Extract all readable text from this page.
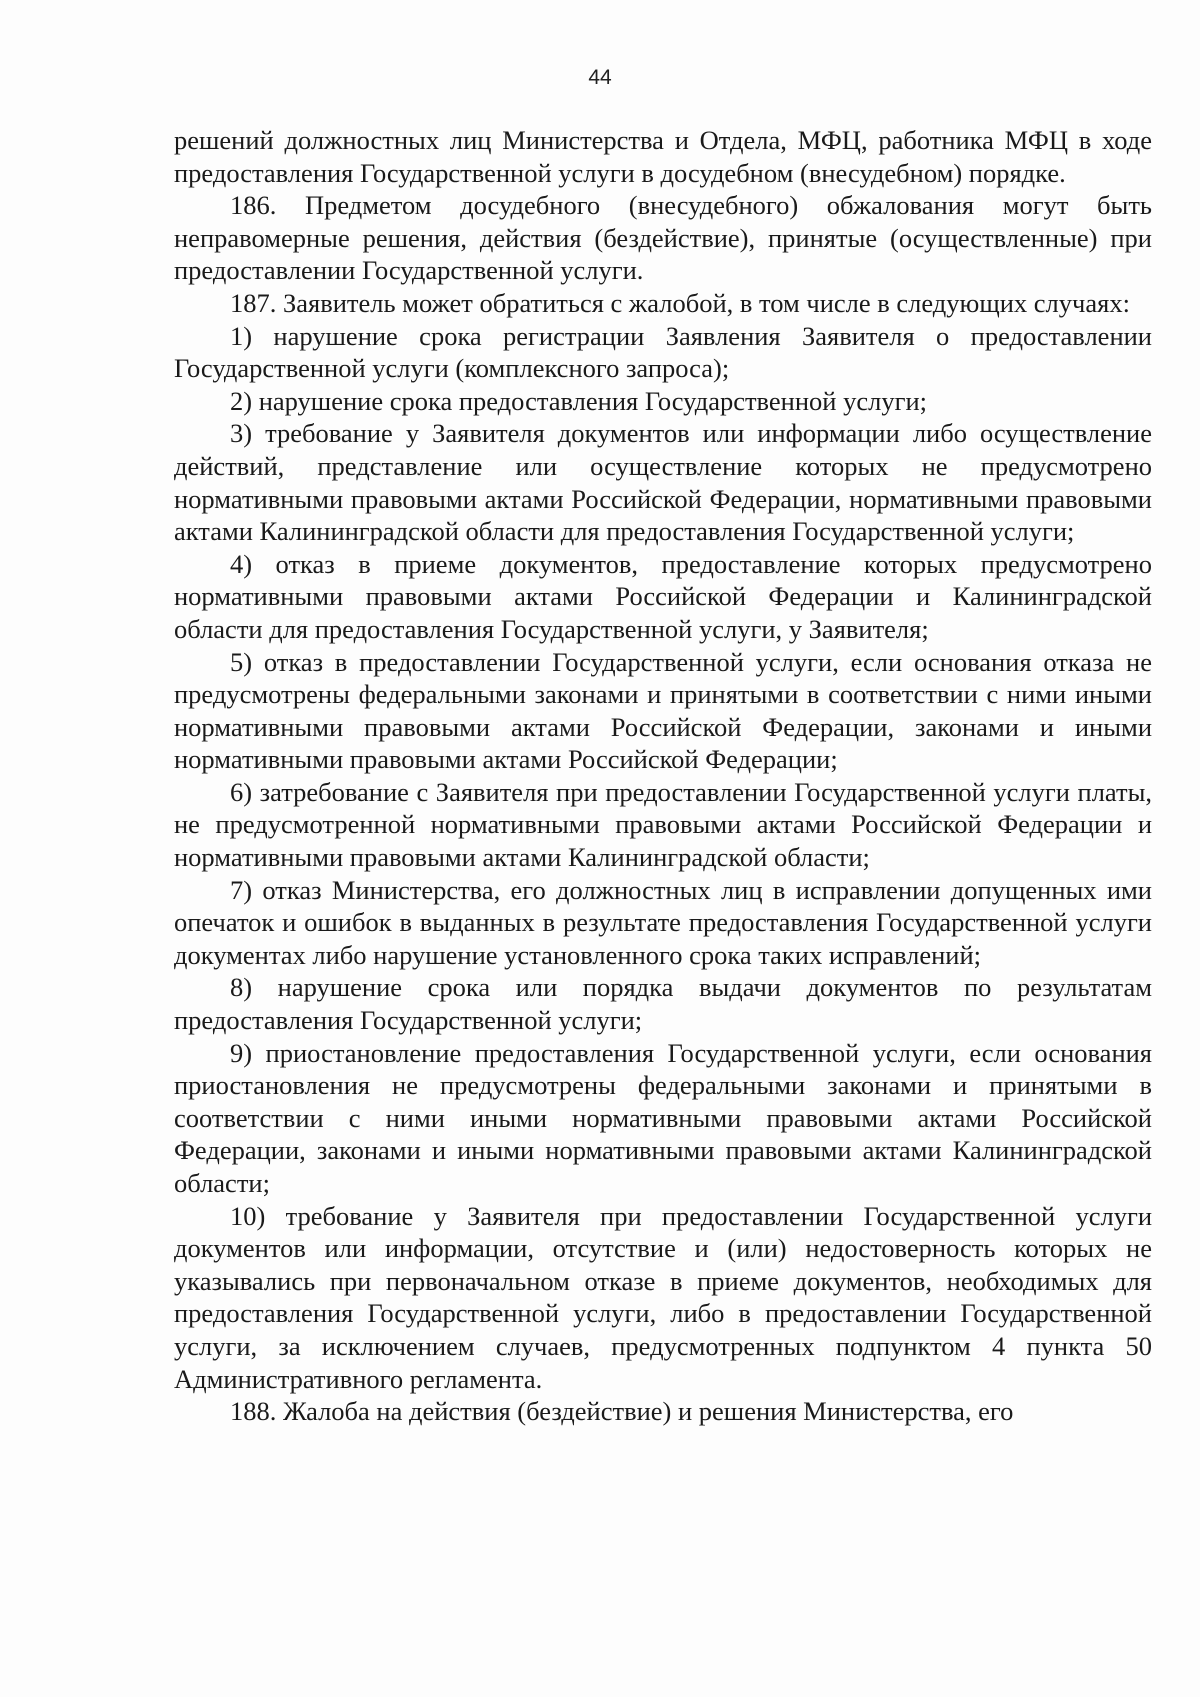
44

решений должностных лиц Министерства и Отдела, МФЦ, работника МФЦ в ходе предоставления Государственной услуги в досудебном (внесудебном) порядке.

186. Предметом досудебного (внесудебного) обжалования могут быть неправомерные решения, действия (бездействие), принятые (осуществленные) при предоставлении Государственной услуги.

187. Заявитель может обратиться с жалобой, в том числе в следующих случаях:

1) нарушение срока регистрации Заявления Заявителя о предоставлении Государственной услуги (комплексного запроса);

2) нарушение срока предоставления Государственной услуги;

3) требование у Заявителя документов или информации либо осуществление действий, представление или осуществление которых не предусмотрено нормативными правовыми актами Российской Федерации, нормативными правовыми актами Калининградской области для предоставления Государственной услуги;

4) отказ в приеме документов, предоставление которых предусмотрено нормативными правовыми актами Российской Федерации и Калининградской области для предоставления Государственной услуги, у Заявителя;

5) отказ в предоставлении Государственной услуги, если основания отказа не предусмотрены федеральными законами и принятыми в соответствии с ними иными нормативными правовыми актами Российской Федерации, законами и иными нормативными правовыми актами Российской Федерации;

6) затребование с Заявителя при предоставлении Государственной услуги платы, не предусмотренной нормативными правовыми актами Российской Федерации и нормативными правовыми актами Калининградской области;

7) отказ Министерства, его должностных лиц в исправлении допущенных ими опечаток и ошибок в выданных в результате предоставления Государственной услуги документах либо нарушение установленного срока таких исправлений;

8) нарушение срока или порядка выдачи документов по результатам предоставления Государственной услуги;

9) приостановление предоставления Государственной услуги, если основания приостановления не предусмотрены федеральными законами и принятыми в соответствии с ними иными нормативными правовыми актами Российской Федерации, законами и иными нормативными правовыми актами Калининградской области;

10) требование у Заявителя при предоставлении Государственной услуги документов или информации, отсутствие и (или) недостоверность которых не указывались при первоначальном отказе в приеме документов, необходимых для предоставления Государственной услуги, либо в предоставлении Государственной услуги, за исключением случаев, предусмотренных подпунктом 4 пункта 50 Административного регламента.

188. Жалоба на действия (бездействие) и решения Министерства, его
